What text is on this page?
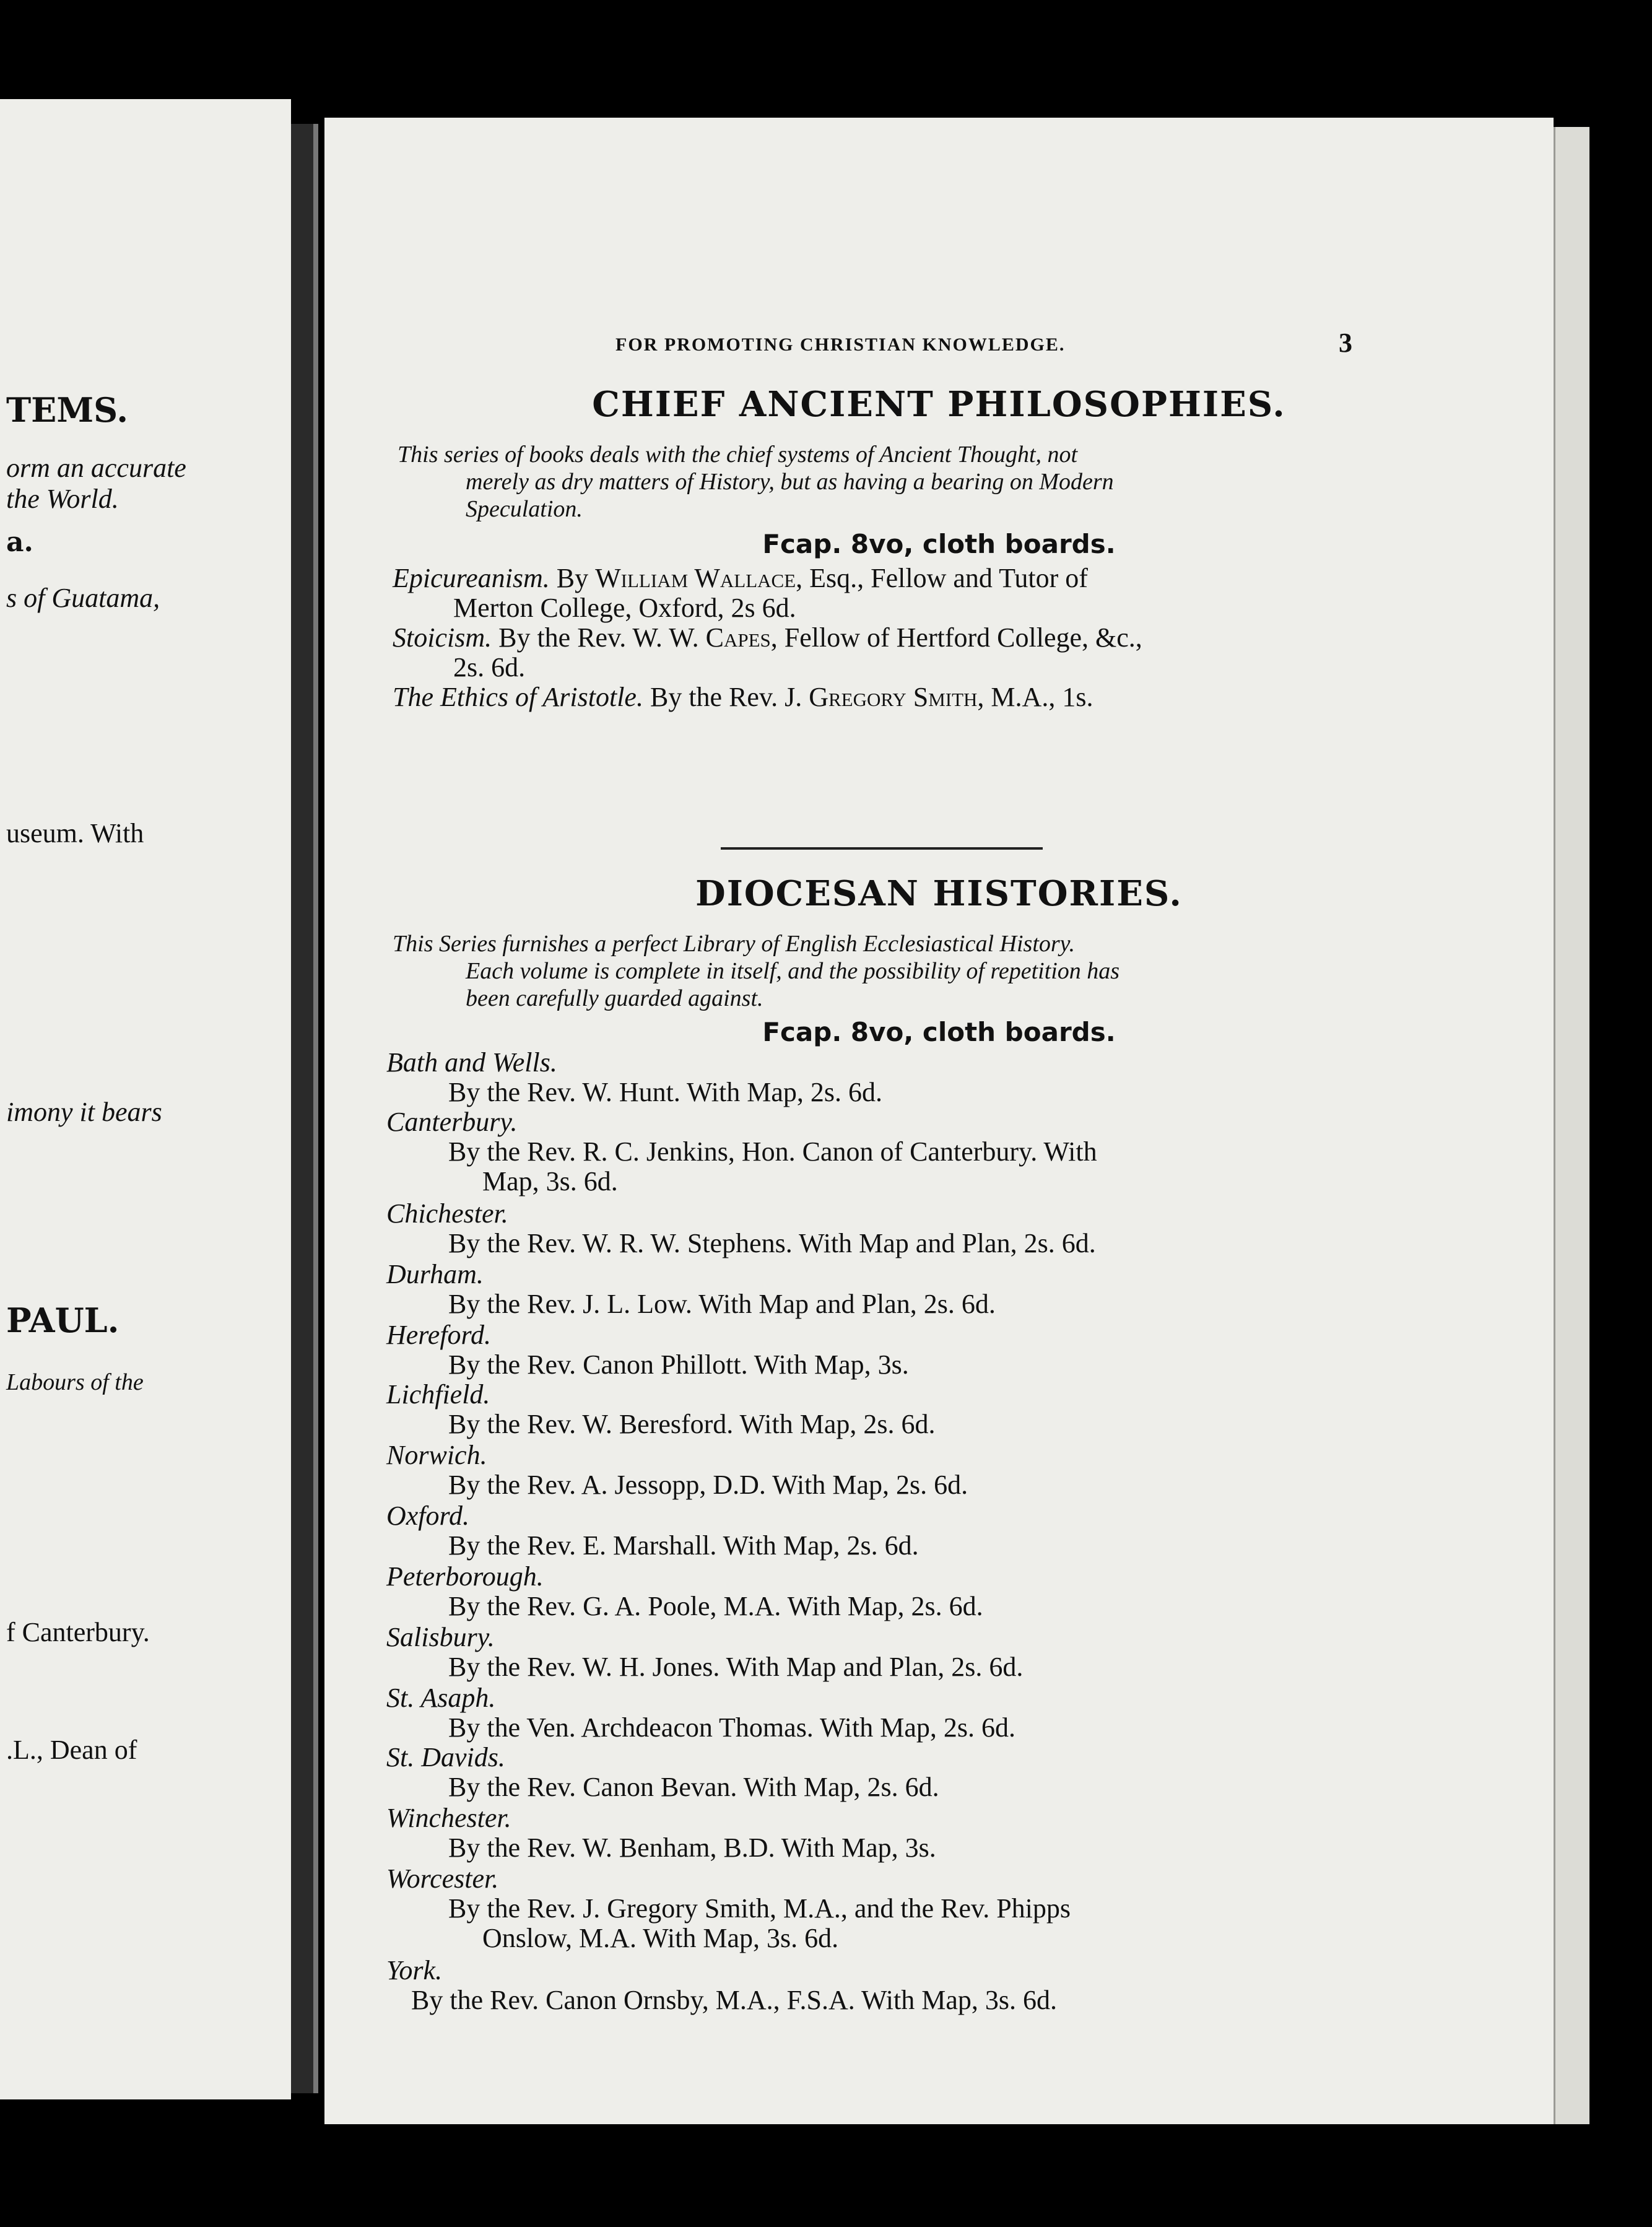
TEMS.
orm an accurate
the World.
a.
s of Guatama,
useum. With
imony it bears
PAUL.
Labours of the
f Canterbury.
.L., Dean of
FOR PROMOTING CHRISTIAN KNOWLEDGE.	3
CHIEF ANCIENT PHILOSOPHIES.
This series of books deals with the chief systems of Ancient Thought, not
merely as dry matters of History, but as having a bearing on Modern
Speculation.
Fcap. 8vo, cloth boards.
Epicureanism. By William Wallace, Esq., Fellow and Tutor of
Merton College, Oxford, 2s 6d.
Stoicism. By the Rev. W. W. Capes, Fellow of Hertford College, &c.,
2s. 6d.
The Ethics of Aristotle. By the Rev. J. Gregory Smith, M.A., 1s.
DIOCESAN HISTORIES.
This Series furnishes a perfect Library of English Ecclesiastical History.
Each volume is complete in itself, and the possibility of repetition has
been carefully guarded against.
Fcap. 8vo, cloth boards.
Bath and Wells.
By the Rev. W. Hunt. With Map, 2s. 6d.
Canterbury.
By the Rev. R. C. Jenkins, Hon. Canon of Canterbury. With
Map, 3s. 6d.
Chichester.
By the Rev. W. R. W. Stephens. With Map and Plan, 2s. 6d.
Durham.
By the Rev. J. L. Low. With Map and Plan, 2s. 6d.
Hereford.
By the Rev. Canon Phillott. With Map, 3s.
Lichfield.
By the Rev. W. Beresford. With Map, 2s. 6d.
Norwich.
By the Rev. A. Jessopp, D.D. With Map, 2s. 6d.
Oxford.
By the Rev. E. Marshall. With Map, 2s. 6d.
Peterborough.
By the Rev. G. A. Poole, M.A. With Map, 2s. 6d.
Salisbury.
By the Rev. W. H. Jones. With Map and Plan, 2s. 6d.
St. Asaph.
By the Ven. Archdeacon Thomas. With Map, 2s. 6d.
St. Davids.
By the Rev. Canon Bevan. With Map, 2s. 6d.
Winchester.
By the Rev. W. Benham, B.D. With Map, 3s.
Worcester.
By the Rev. J. Gregory Smith, M.A., and the Rev. Phipps
Onslow, M.A. With Map, 3s. 6d.
York.
By the Rev. Canon Ornsby, M.A., F.S.A. With Map, 3s. 6d.
